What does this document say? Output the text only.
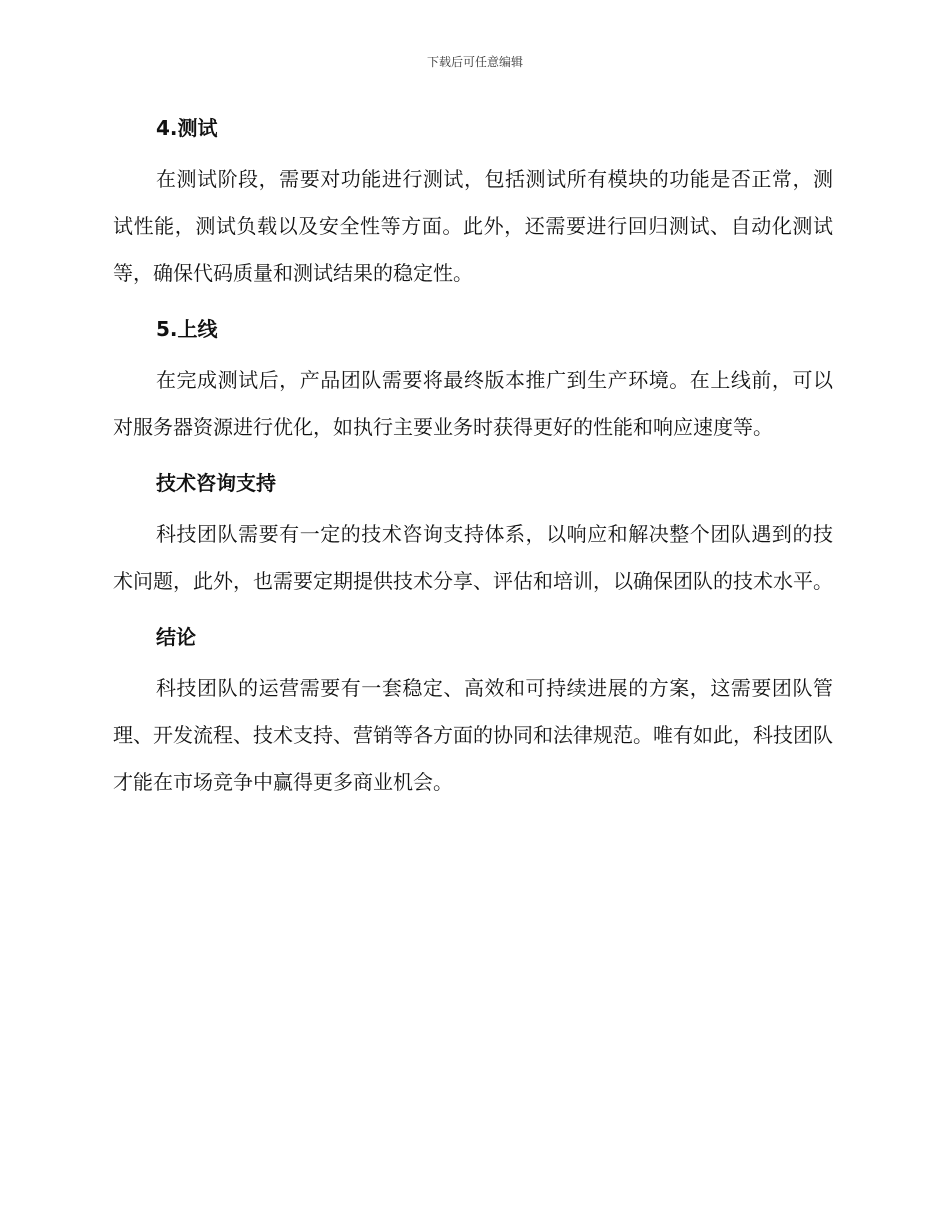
下载后可任意编辑
4.测试

在测试阶段，需要对功能进行测试，包括测试所有模块的功能是否正常，测试性能，测试负载以及安全性等方面。此外，还需要进行回归测试、自动化测试等，确保代码质量和测试结果的稳定性。

5.上线

在完成测试后，产品团队需要将最终版本推广到生产环境。在上线前，可以对服务器资源进行优化，如执行主要业务时获得更好的性能和响应速度等。

技术咨询支持

科技团队需要有一定的技术咨询支持体系，以响应和解决整个团队遇到的技术问题，此外，也需要定期提供技术分享、评估和培训，以确保团队的技术水平。

结论

科技团队的运营需要有一套稳定、高效和可持续进展的方案，这需要团队管理、开发流程、技术支持、营销等各方面的协同和法律规范。唯有如此，科技团队才能在市场竞争中赢得更多商业机会。
